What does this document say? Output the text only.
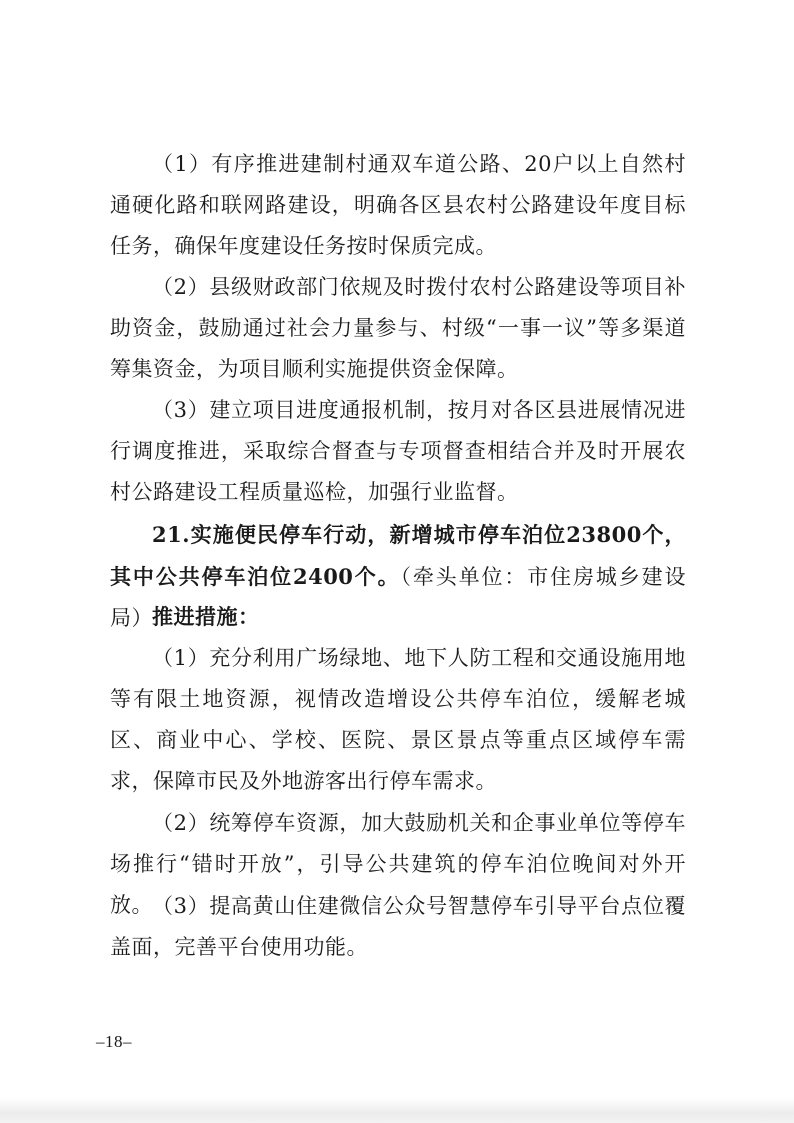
（1）有序推进建制村通双车道公路、20户以上自然村通硬化路和联网路建设，明确各区县农村公路建设年度目标任务，确保年度建设任务按时保质完成。

（2）县级财政部门依规及时拨付农村公路建设等项目补助资金，鼓励通过社会力量参与、村级“一事一议”等多渠道筹集资金，为项目顺利实施提供资金保障。

（3）建立项目进度通报机制，按月对各区县进展情况进行调度推进，采取综合督查与专项督查相结合并及时开展农村公路建设工程质量巡检，加强行业监督。

21.实施便民停车行动，新增城市停车泊位23800个，其中公共停车泊位2400个。（牵头单位：市住房城乡建设局） 推进措施：

（1）充分利用广场绿地、地下人防工程和交通设施用地等有限土地资源，视情改造增设公共停车泊位，缓解老城区、商业中心、学校、医院、景区景点等重点区域停车需求，保障市民及外地游客出行停车需求。

（2）统筹停车资源，加大鼓励机关和企事业单位等停车场推行“错时开放”，引导公共建筑的停车泊位晚间对外开放。 （3）提高黄山住建微信公众号智慧停车引导平台点位覆盖面，完善平台使用功能。

–18–
